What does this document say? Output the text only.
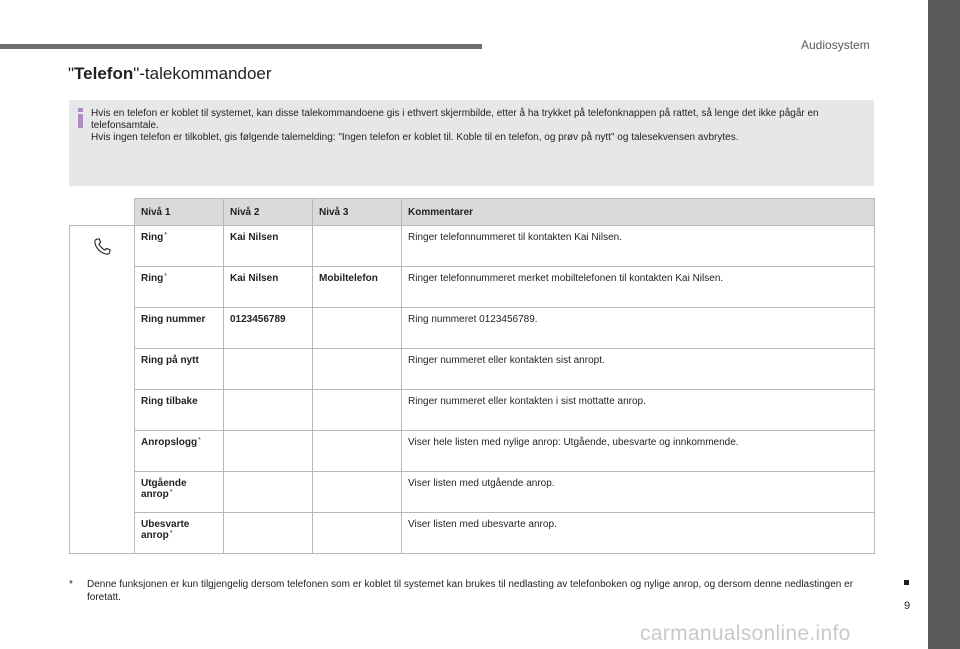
Audiosystem
"Telefon"-talekommandoer

Hvis en telefon er koblet til systemet, kan disse talekommandoene gis i ethvert skjermbilde, etter å ha trykket på telefonknappen på rattet, så lenge det ikke pågår en telefonsamtale.

Hvis ingen telefon er tilkoblet, gis følgende talemelding: "Ingen telefon er koblet til. Koble til en telefon, og prøv på nytt" og talesekvensen avbrytes.

	Nivå 1	Nivå 2	Nivå 3	Kommentarer
	Ring*	Kai Nilsen		Ringer telefonnummeret til kontakten Kai Nilsen.
	Ring*	Kai Nilsen	Mobiltelefon	Ringer telefonnummeret merket mobiltelefonen til kontakten Kai Nilsen.
	Ring nummer	0123456789		Ring nummeret 0123456789.
	Ring på nytt			Ringer nummeret eller kontakten sist anropt.
	Ring tilbake			Ringer nummeret eller kontakten i sist mottatte anrop.
	Anropslogg*			Viser hele listen med nylige anrop: Utgående, ubesvarte og innkommende.
	Utgående anrop*			Viser listen med utgående anrop.
	Ubesvarte anrop*			Viser listen med ubesvarte anrop.
* Denne funksjonen er kun tilgjengelig dersom telefonen som er koblet til systemet kan brukes til nedlasting av telefonboken og nylige anrop, og dersom denne nedlastingen er foretatt.
9
carmanualsonline.info
